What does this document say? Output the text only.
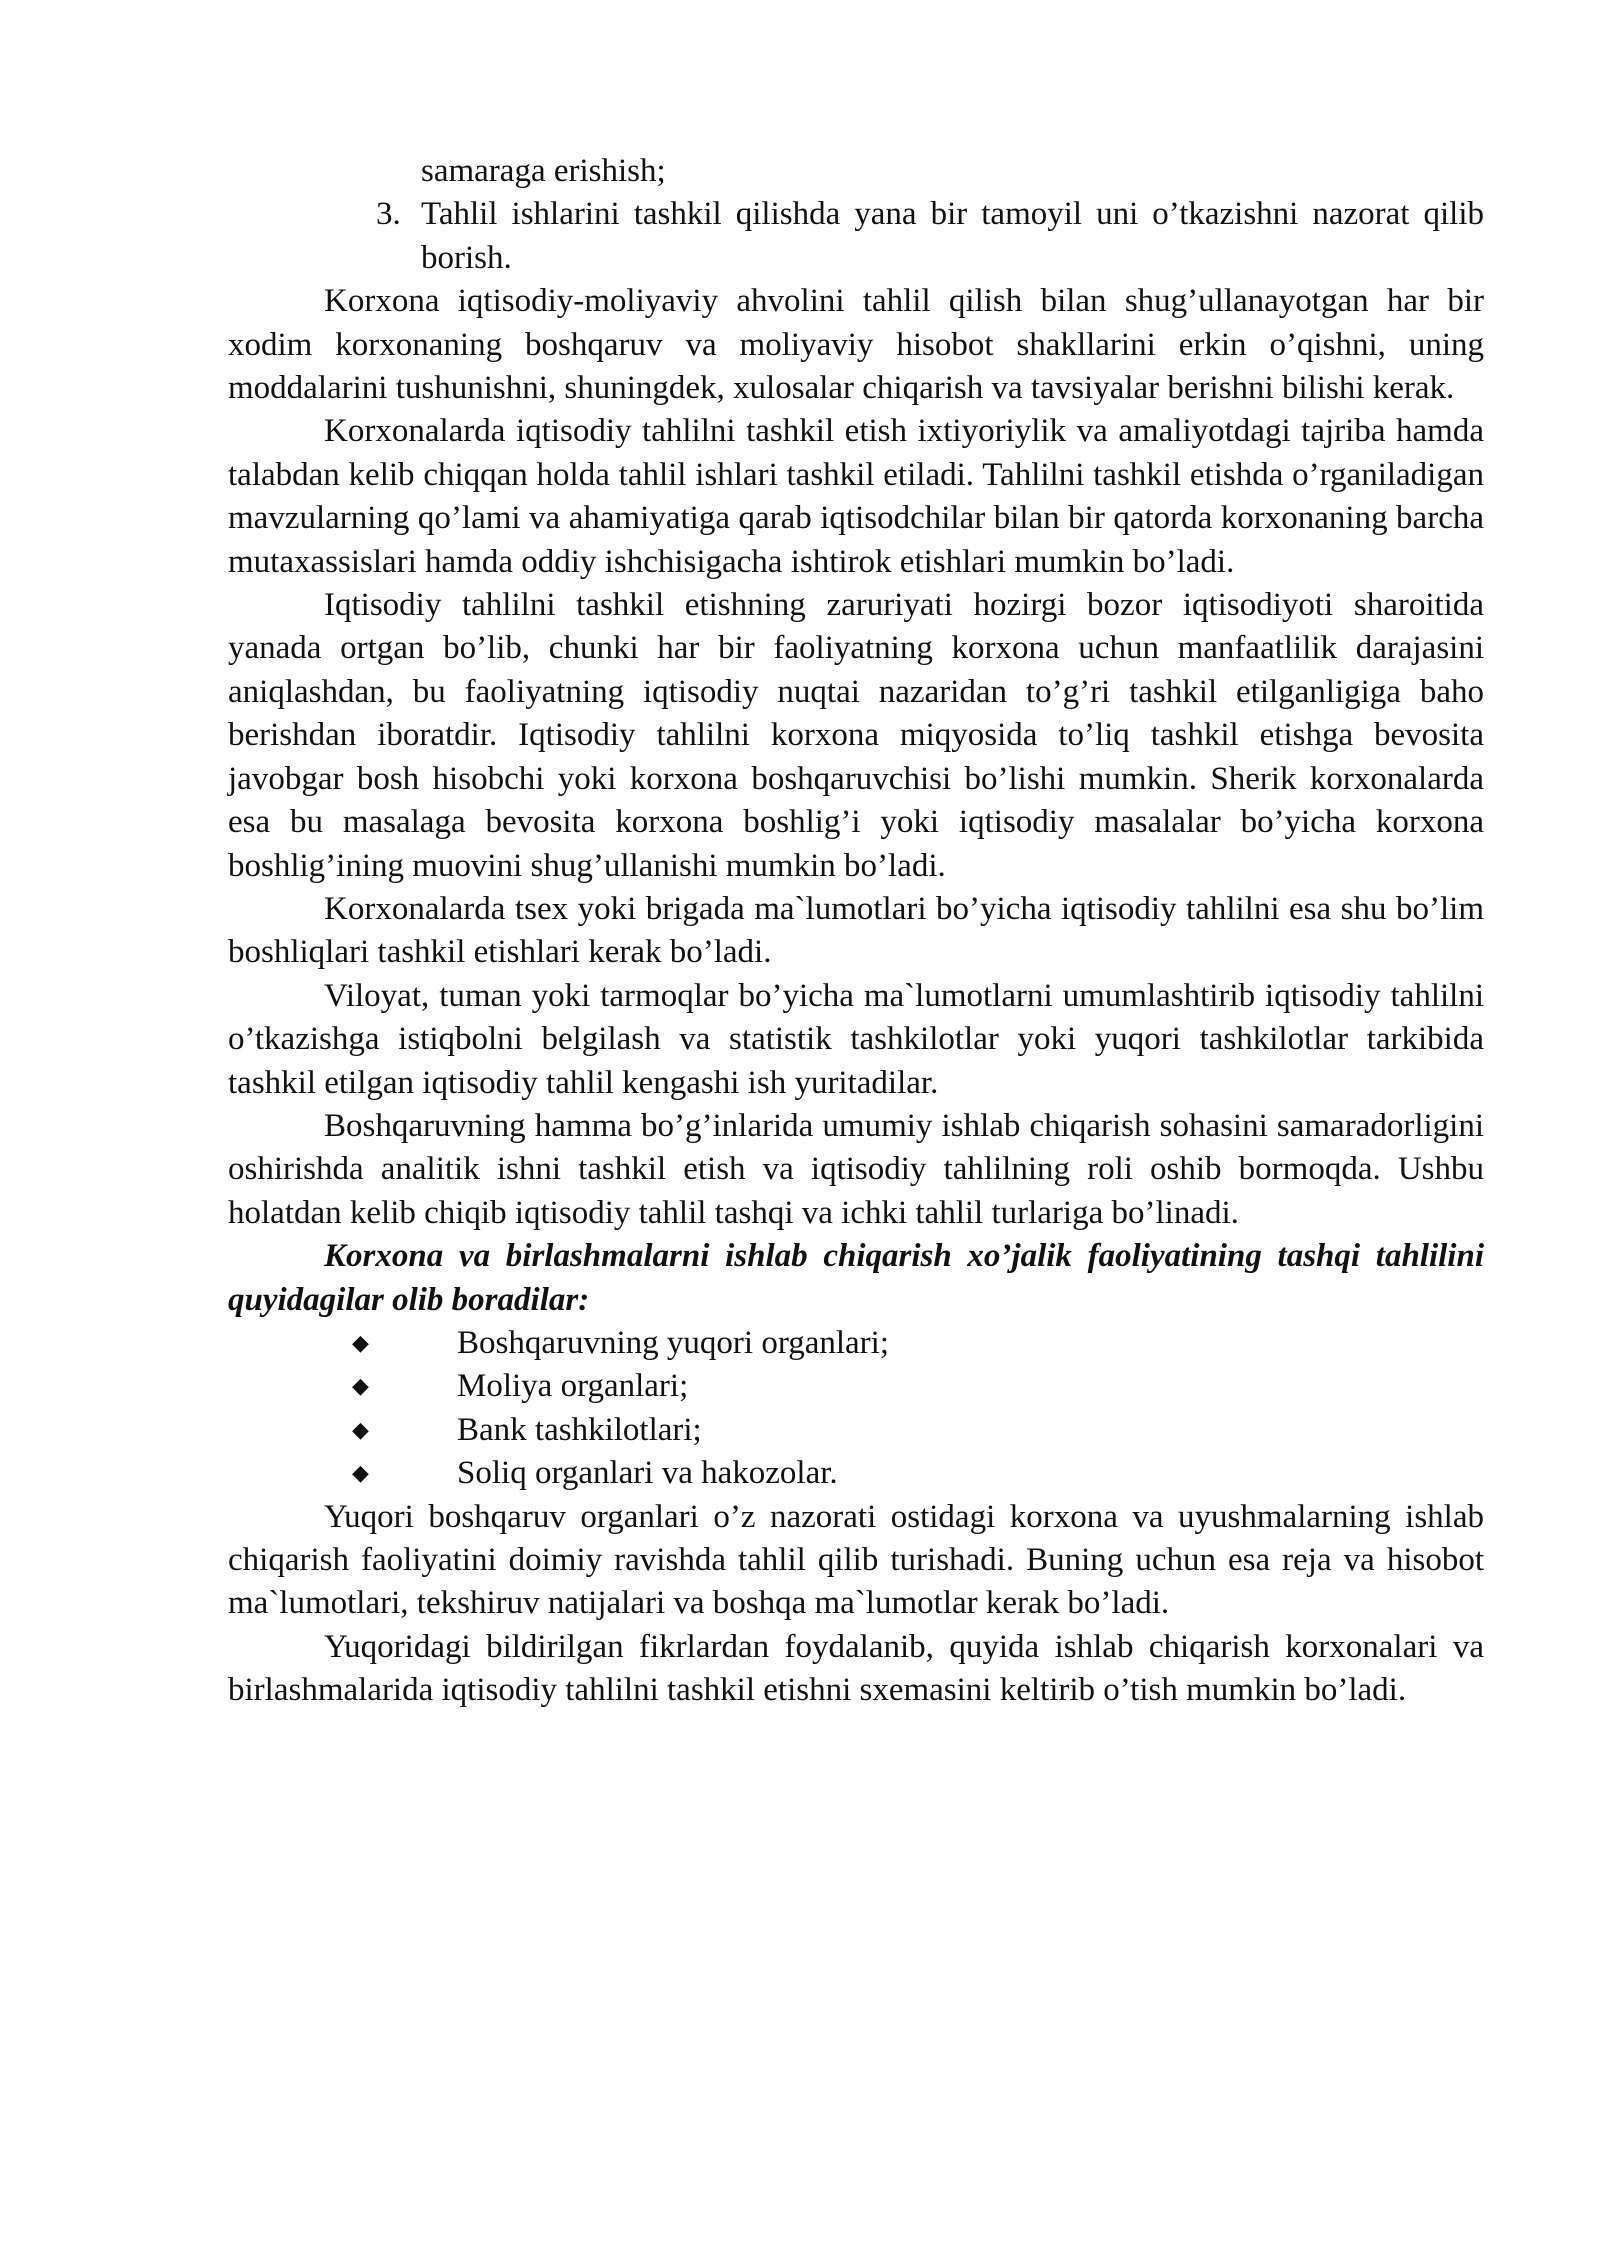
samaraga erishish;

3. Tahlil ishlarini tashkil qilishda yana bir tamoyil uni o’tkazishni nazorat qilib borish.

Korxona iqtisodiy-moliyaviy ahvolini tahlil qilish bilan shug’ullanayotgan har bir xodim korxonaning boshqaruv va moliyaviy hisobot shakllarini erkin o’qishni, uning moddalarini tushunishni, shuningdek, xulosalar chiqarish va tavsiyalar berishni bilishi kerak.

Korxonalarda iqtisodiy tahlilni tashkil etish ixtiyoriylik va amaliyotdagi tajriba hamda talabdan kelib chiqqan holda tahlil ishlari tashkil etiladi. Tahlilni tashkil etishda o’rganiladigan mavzularning qo’lami va ahamiyatiga qarab iqtisodchilar bilan bir qatorda korxonaning barcha mutaxassislari hamda oddiy ishchisigacha ishtirok etishlari mumkin bo’ladi.

Iqtisodiy tahlilni tashkil etishning zaruriyati hozirgi bozor iqtisodiyoti sharoitida yanada ortgan bo’lib, chunki har bir faoliyatning korxona uchun manfaatlilik darajasini aniqlashdan, bu faoliyatning iqtisodiy nuqtai nazaridan to’g’ri tashkil etilganligiga baho berishdan iboratdir. Iqtisodiy tahlilni korxona miqyosida to’liq tashkil etishga bevosita javobgar bosh hisobchi yoki korxona boshqaruvchisi bo’lishi mumkin. Sherik korxonalarda esa bu masalaga bevosita korxona boshlig’i yoki iqtisodiy masalalar bo’yicha korxona boshlig’ining muovini shug’ullanishi mumkin bo’ladi.

Korxonalarda tsex yoki brigada ma`lumotlari bo’yicha iqtisodiy tahlilni esa shu bo’lim boshliqlari tashkil etishlari kerak bo’ladi.

Viloyat, tuman yoki tarmoqlar bo’yicha ma`lumotlarni umumlashtirib iqtisodiy tahlilni o’tkazishga istiqbolni belgilash va statistik tashkilotlar yoki yuqori tashkilotlar tarkibida tashkil etilgan iqtisodiy tahlil kengashi ish yuritadilar.

Boshqaruvning hamma bo’g’inlarida umumiy ishlab chiqarish sohasini samaradorligini oshirishda analitik ishni tashkil etish va iqtisodiy tahlilning roli oshib bormoqda. Ushbu holatdan kelib chiqib iqtisodiy tahlil tashqi va ichki tahlil turlariga bo’linadi.

Korxona va birlashmalarni ishlab chiqarish xo’jalik faoliyatining tashqi tahlilini quyidagilar olib boradilar:

◆	Boshqaruvning yuqori organlari;
◆	Moliya organlari;
◆	Bank tashkilotlari;
◆	Soliq organlari va hakozolar.

Yuqori boshqaruv organlari o’z nazorati ostidagi korxona va uyushmalarning ishlab chiqarish faoliyatini doimiy ravishda tahlil qilib turishadi. Buning uchun esa reja va hisobot ma`lumotlari, tekshiruv natijalari va boshqa ma`lumotlar kerak bo’ladi.

Yuqoridagi bildirilgan fikrlardan foydalanib, quyida ishlab chiqarish korxonalari va birlashmalarida iqtisodiy tahlilni tashkil etishni sxemasini keltirib o’tish mumkin bo’ladi.
